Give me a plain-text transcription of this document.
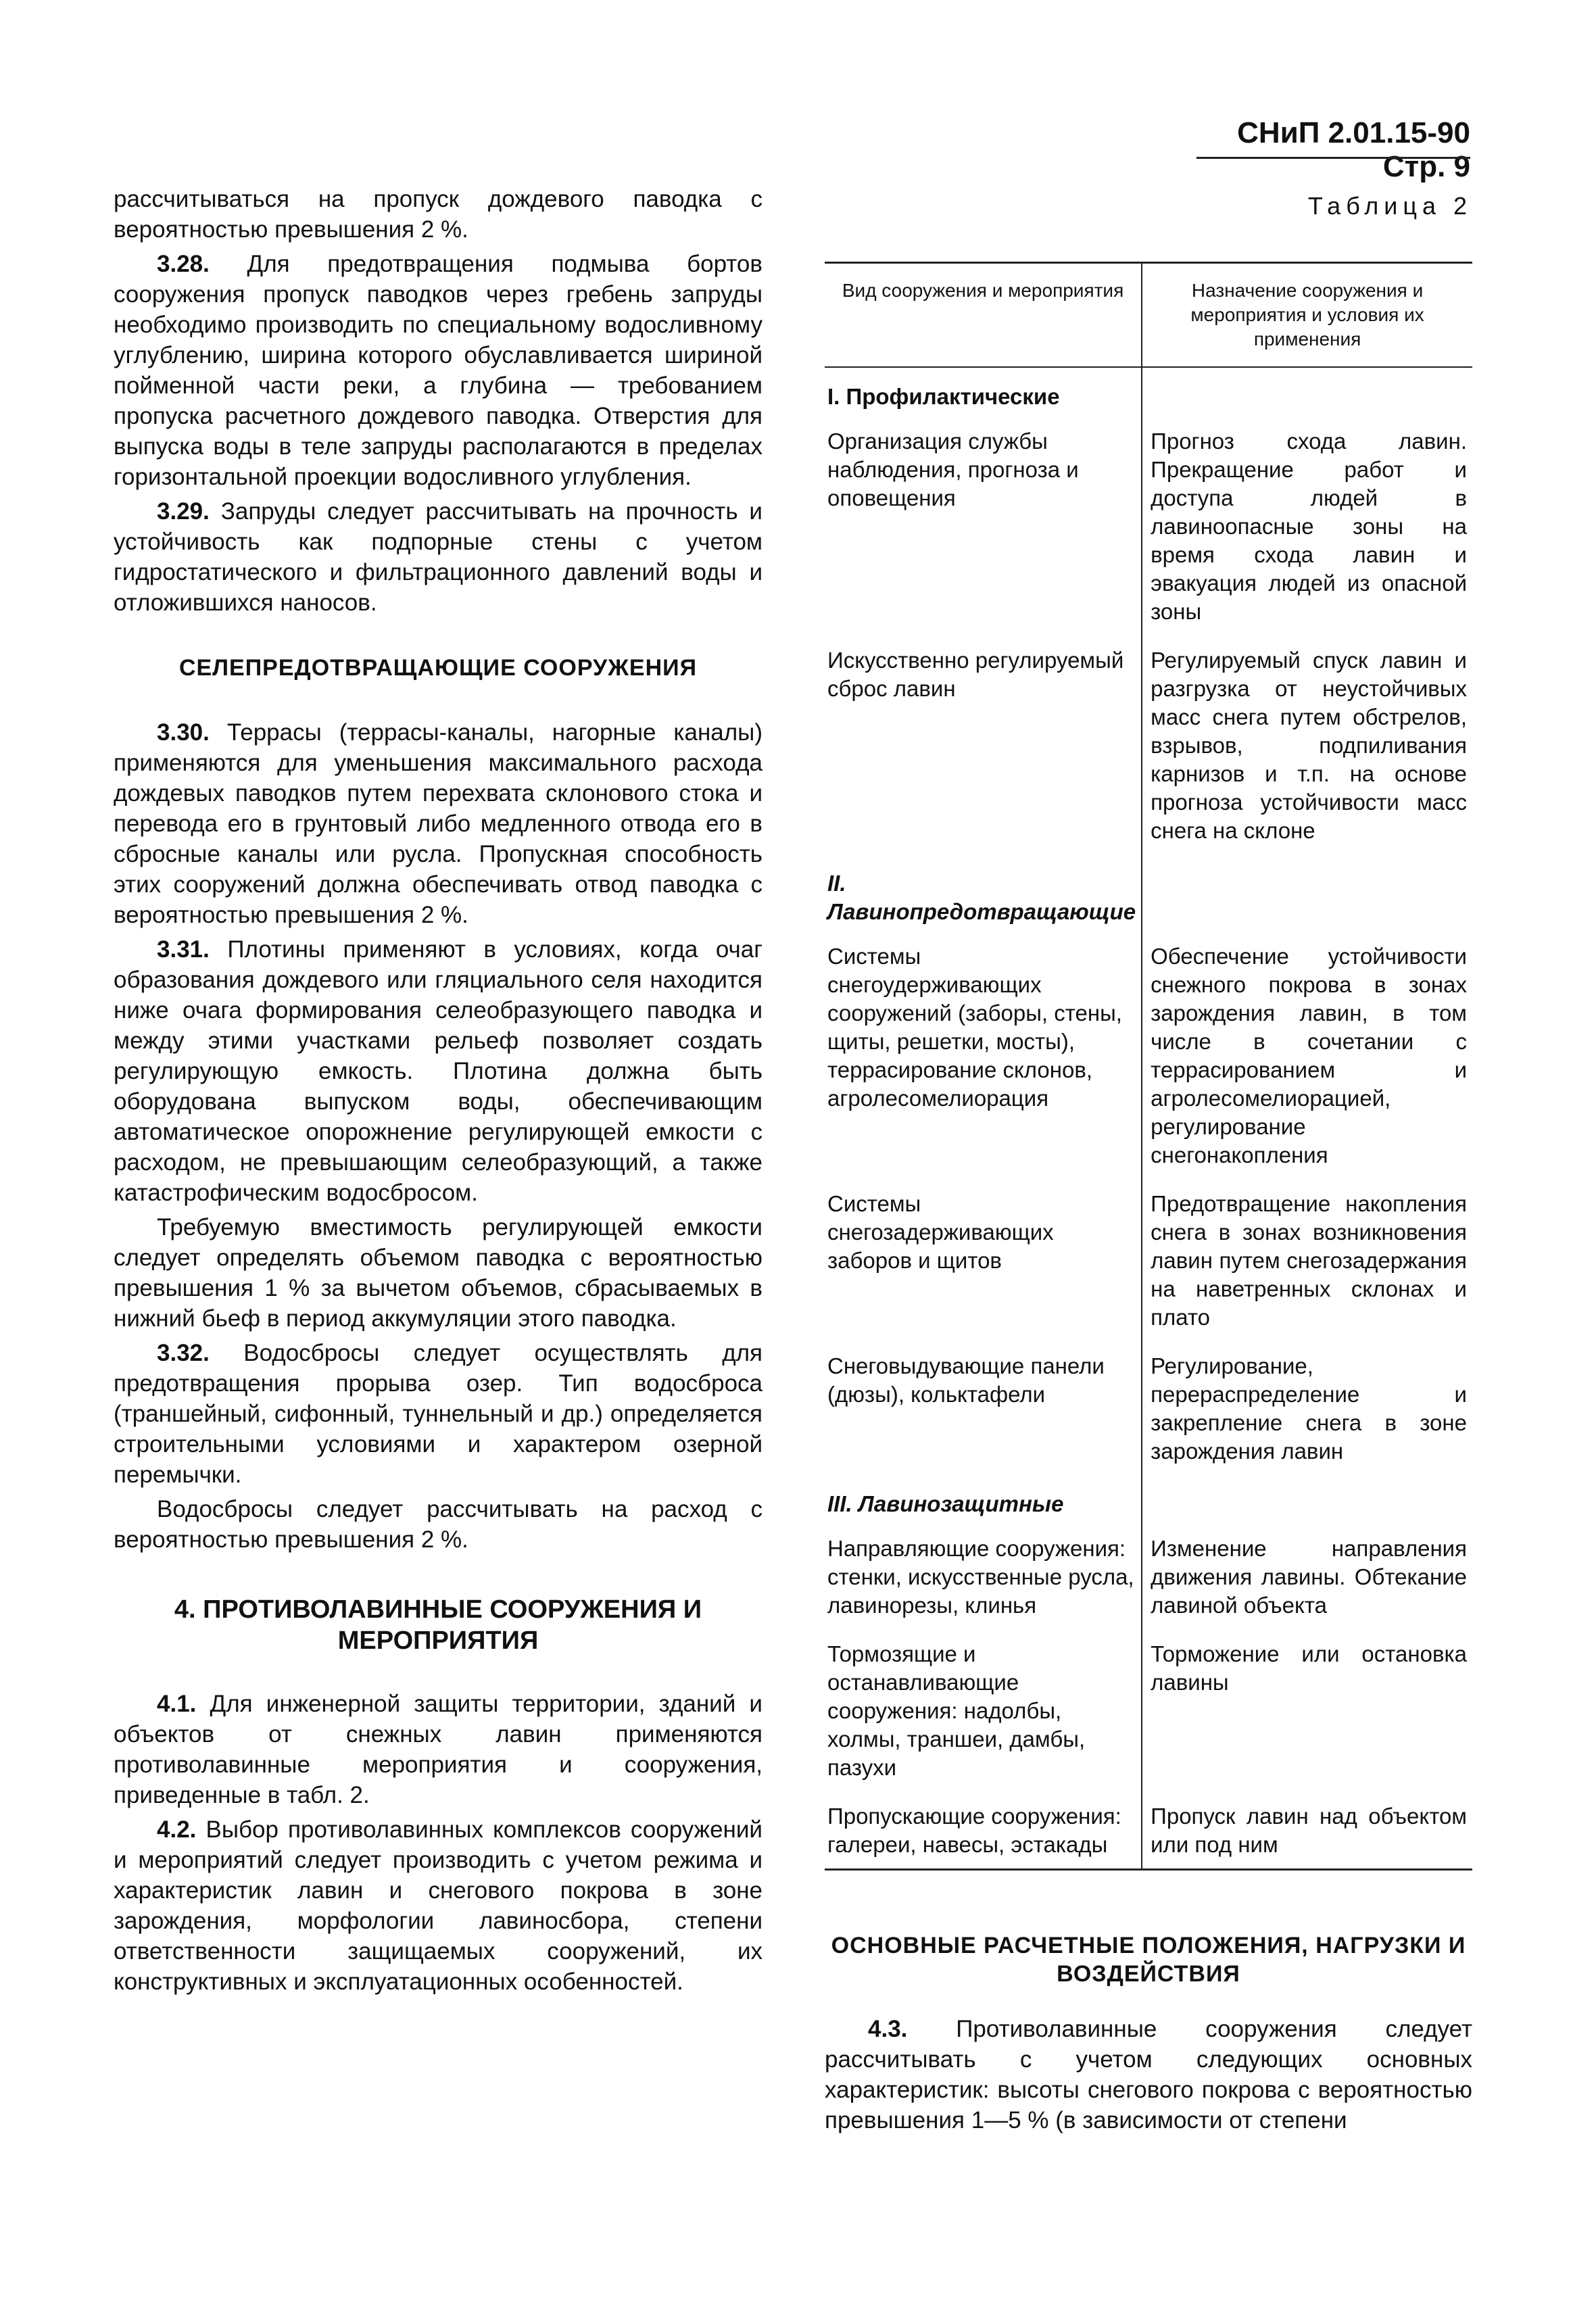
СНиП 2.01.15-90 Стр. 9

рассчитываться на пропуск дождевого паводка с вероятностью превышения 2 %.

3.28. Для предотвращения подмыва бортов сооружения пропуск паводков через гребень запруды необходимо производить по специальному водосливному углублению, ширина которого обуславливается шириной пойменной части реки, а глубина — требованием пропуска расчетного дождевого паводка. Отверстия для выпуска воды в теле запруды располагаются в пределах горизонтальной проекции водосливного углубления.

3.29. Запруды следует рассчитывать на прочность и устойчивость как подпорные стены с учетом гидростатического и фильтрационного давлений воды и отложившихся наносов.

СЕЛЕПРЕДОТВРАЩАЮЩИЕ СООРУЖЕНИЯ

3.30. Террасы (террасы-каналы, нагорные каналы) применяются для уменьшения максимального расхода дождевых паводков путем перехвата склонового стока и перевода его в грунтовый либо медленного отвода его в сбросные каналы или русла. Пропускная способность этих сооружений должна обеспечивать отвод паводка с вероятностью превышения 2 %.

3.31. Плотины применяют в условиях, когда очаг образования дождевого или гляциального селя находится ниже очага формирования селеобразующего паводка и между этими участками рельеф позволяет создать регулирующую емкость. Плотина должна быть оборудована выпуском воды, обеспечивающим автоматическое опорожнение регулирующей емкости с расходом, не превышающим селеобразующий, а также катастрофическим водосбросом.

Требуемую вместимость регулирующей емкости следует определять объемом паводка с вероятностью превышения 1 % за вычетом объемов, сбрасываемых в нижний бьеф в период аккумуляции этого паводка.

3.32. Водосбросы следует осуществлять для предотвращения прорыва озер. Тип водосброса (траншейный, сифонный, туннельный и др.) определяется строительными условиями и характером озерной перемычки.

Водосбросы следует рассчитывать на расход с вероятностью превышения 2 %.

4. ПРОТИВОЛАВИННЫЕ СООРУЖЕНИЯ И МЕРОПРИЯТИЯ

4.1. Для инженерной защиты территории, зданий и объектов от снежных лавин применяются противолавинные мероприятия и сооружения, приведенные в табл. 2.

4.2. Выбор противолавинных комплексов сооружений и мероприятий следует производить с учетом режима и характеристик лавин и снегового покрова в зоне зарождения, морфологии лавиносбора, степени ответственности защищаемых сооружений, их конструктивных и эксплуатационных особенностей.

Таблица 2
Вид сооружения и мероприятия	Назначение сооружения и мероприятия и условия их применения
I. Профилактические	
Организация службы наблюдения, прогноза и оповещения	Прогноз схода лавин. Прекращение работ и доступа людей в лавиноопасные зоны на время схода лавин и эвакуация людей из опасной зоны
Искусственно регулируемый сброс лавин	Регулируемый спуск лавин и разгрузка от неустойчивых масс снега путем обстрелов, взрывов, подпиливания карнизов и т.п. на основе прогноза устойчивости масс снега на склоне
II. Лавинопредотвращающие	
Системы снегоудерживающих сооружений (заборы, стены, щиты, решетки, мосты), террасирование склонов, агролесомелиорация	Обеспечение устойчивости снежного покрова в зонах зарождения лавин, в том числе в сочетании с террасированием и агролесомелиорацией, регулирование снегонакопления
Системы снегозадерживающих заборов и щитов	Предотвращение накопления снега в зонах возникновения лавин путем снегозадержания на наветренных склонах и плато
Снеговыдувающие панели (дюзы), кольктафели	Регулирование, перераспределение и закрепление снега в зоне зарождения лавин
III. Лавинозащитные	
Направляющие сооружения: стенки, искусственные русла, лавинорезы, клинья	Изменение направления движения лавины. Обтекание лавиной объекта
Тормозящие и останавливающие сооружения: надолбы, холмы, траншеи, дамбы, пазухи	Торможение или остановка лавины
Пропускающие сооружения: галереи, навесы, эстакады	Пропуск лавин над объектом или под ним
ОСНОВНЫЕ РАСЧЕТНЫЕ ПОЛОЖЕНИЯ, НАГРУЗКИ И ВОЗДЕЙСТВИЯ

4.3. Противолавинные сооружения следует рассчитывать с учетом следующих основных характеристик: высоты снегового покрова с вероятностью превышения 1—5 % (в зависимости от степени
